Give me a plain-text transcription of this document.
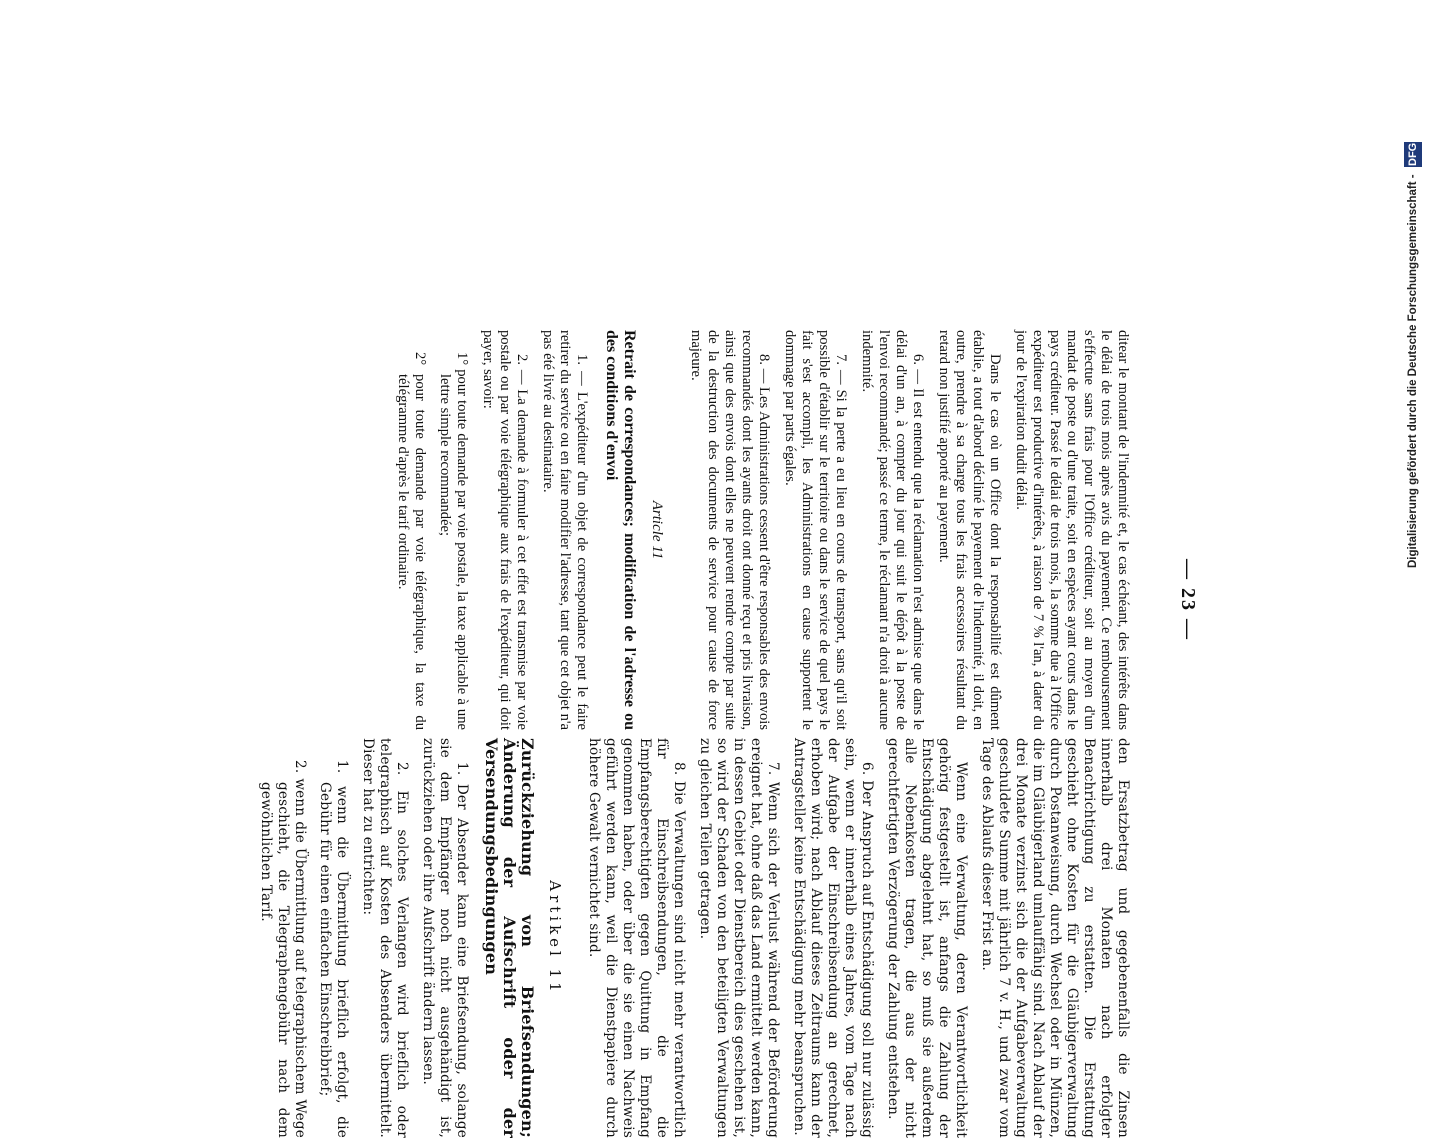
— 23 —

ditear le montant de l'indemnité et, le cas échéant, des intérêts dans le délai de trois mois après avis du payement. Ce remboursement s'effectue sans frais pour l'Office créditeur, soit au moyen d'un mandat de poste ou d'une traite, soit en espèces ayant cours dans le pays créditeur. Passé le délai de trois mois, la somme due à l'Office expéditeur est productive d'intérêts, à raison de 7 % l'an, à dater du jour de l'expiration dudit délai.

Dans le cas où un Office dont la responsabilité est dûment établie, a tout d'abord décliné le payement de l'indemnité, il doit, en outre, prendre à sa charge tous les frais accessoires résultant du retard non justifié apporté au payement.

6. — Il est entendu que la réclamation n'est admise que dans le délai d'un an, à compter du jour qui suit le dépôt à la poste de l'envoi recommandé; passé ce terme, le réclamant n'a droit à aucune indemnité.

7. — Si la perte a eu lieu en cours de transport, sans qu'il soit possible d'établir sur le territoire ou dans le service de quel pays le fait s'est accompli, les Administrations en cause supportent le dommage par parts égales.

8. — Les Administrations cessent d'être responsables des envois recommandés dont les ayants droit ont donné reçu et pris livraison, ainsi que des envois dont elles ne peuvent rendre compte par suite de la destruction des documents de service pour cause de force majeure.

Article 11
Retrait de correspondances; modification de l'adresse ou des conditions d'envoi

1. — L'expéditeur d'un objet de correspondance peut le faire retirer du service ou en faire modifier l'adresse, tant que cet objet n'a pas été livré au destinataire.

2. — La demande à formuler à cet effet est transmise par voie postale ou par voie télégraphique aux frais de l'expéditeur, qui doit payer, savoir:

1° pour toute demande par voie postale, la taxe applicable à une lettre simple recommandée;
2° pour toute demande par voie télégraphique, la taxe du télégramme d'après le tarif ordinaire.

den Ersatzbetrag und gegebenenfalls die Zinsen innerhalb drei Monaten nach erfolgter Benachrichtigung zu erstatten. Die Erstattung geschieht ohne Kosten für die Gläubigerverwaltung durch Postanweisung, durch Wechsel oder in Münzen, die im Gläubigerland umlauffähig sind. Nach Ablauf der drei Monate verzinst sich die der Aufgabeverwaltung geschuldete Summe mit jährlich 7 v. H., und zwar vom Tage des Ablaufs dieser Frist an.

Wenn eine Verwaltung, deren Verantwortlichkeit gehörig festgestellt ist, anfangs die Zahlung der Entschädigung abgelehnt hat, so muß sie außerdem alle Nebenkosten tragen, die aus der nicht gerechtfertigten Verzögerung der Zahlung entstehen.

6. Der Anspruch auf Entschädigung soll nur zulässig sein, wenn er innerhalb eines Jahres, vom Tage nach der Aufgabe der Einschreibsendung an gerechnet, erhoben wird; nach Ablauf dieses Zeitraums kann der Antragsteller keine Entschädigung mehr beanspruchen.

7. Wenn sich der Verlust während der Beförderung ereignet hat, ohne daß das Land ermittelt werden kann, in dessen Gebiet oder Dienstbereich dies geschehen ist, so wird der Schaden von den beteiligten Verwaltungen zu gleichen Teilen getragen.

8. Die Verwaltungen sind nicht mehr verantwortlich für Einschreibsendungen, die die Empfangsberechtigten gegen Quittung in Empfang genommen haben, oder über die sie einen Nachweis geführt werden kann, weil die Dienstpapiere durch höhere Gewalt vernichtet sind.

Artikel 11
Zurückziehung von Briefsendungen; Änderung der Aufschrift oder der Versendungsbedingungen

1. Der Absender kann eine Briefsendung, solange sie dem Empfänger noch nicht ausgehändigt ist, zurückziehen oder ihre Aufschrift ändern lassen.

2. Ein solches Verlangen wird brieflich oder telegraphisch auf Kosten des Absenders übermittelt. Dieser hat zu entrichten:

1. wenn die Übermittlung brieflich erfolgt, die Gebühr für einen einfachen Einschreibbrief;
2. wenn die Übermittlung auf telegraphischem Wege geschieht, die Telegraphengebühr nach dem gewöhnlichen Tarif.
Digitalisierung gefördert durch die Deutsche Forschungsgemeinschaft - DFG
